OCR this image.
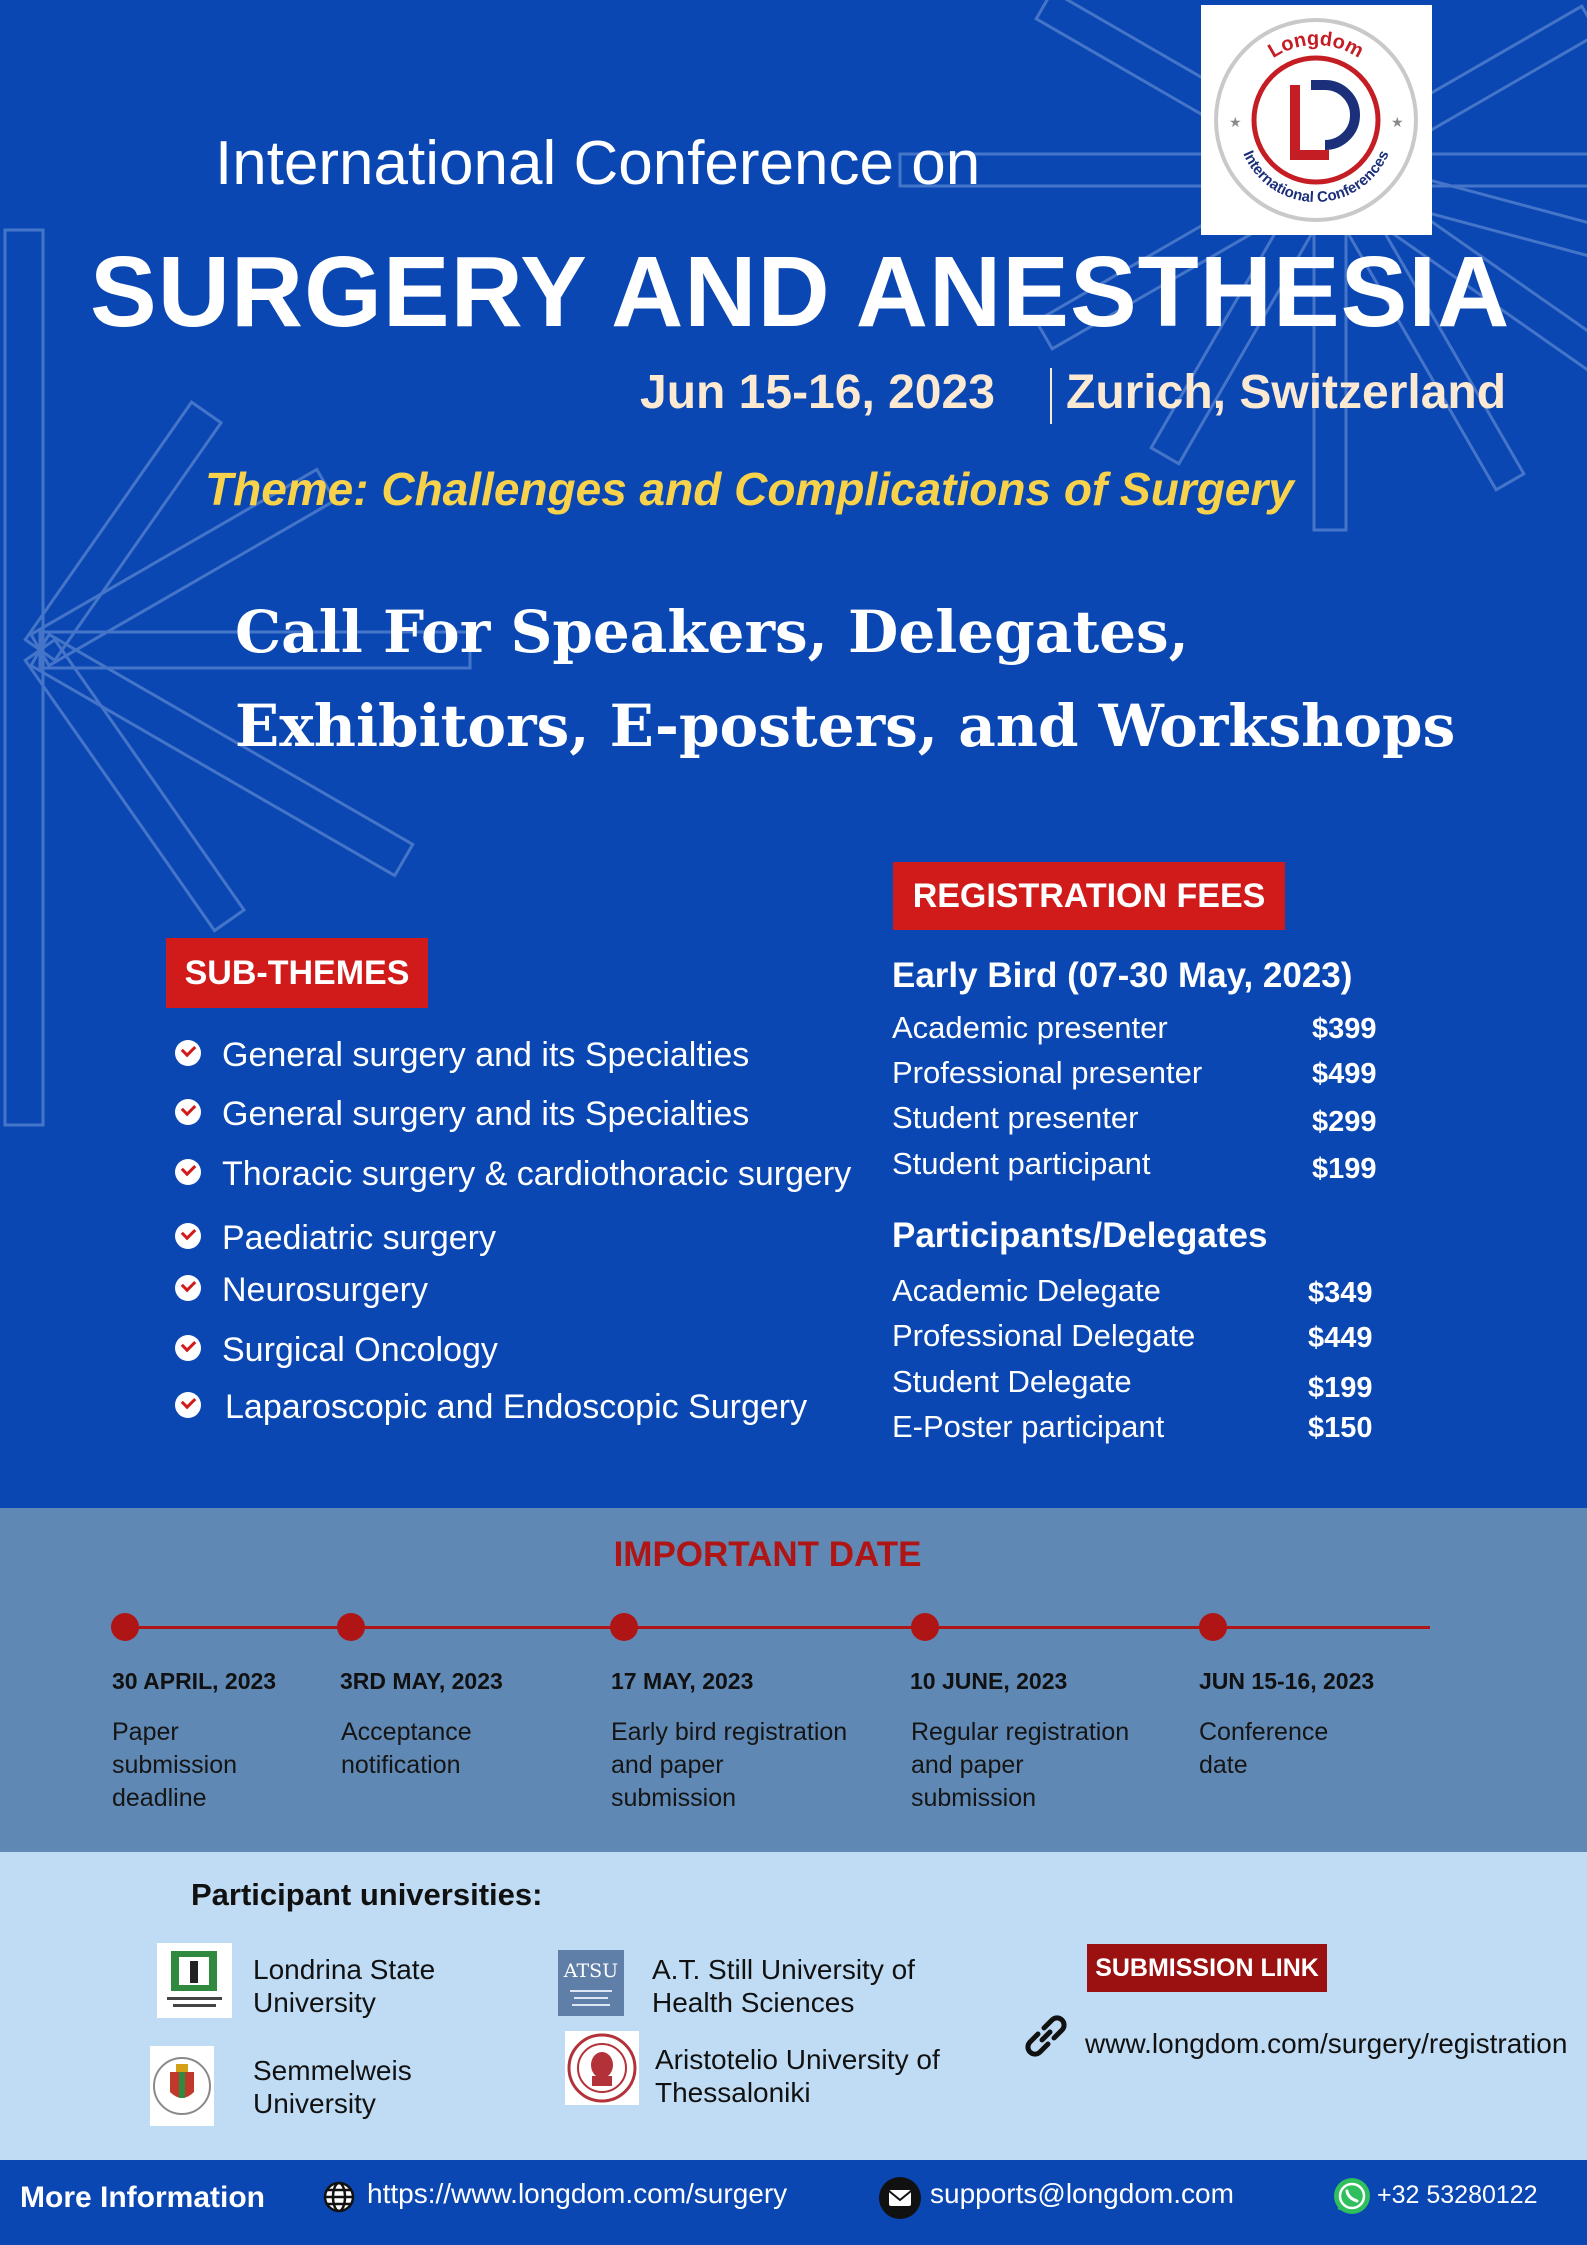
Longdom
International Conferences
★	★
International Conference on
SURGERY AND ANESTHESIA
Jun 15-16, 2023 Zurich, Switzerland
Theme: Challenges and Complications of Surgery
Call For Speakers, Delegates, Exhibitors, E-posters, and Workshops
SUB-THEMES
General surgery and its Specialties
General surgery and its Specialties
Thoracic surgery & cardiothoracic surgery
Paediatric surgery
Neurosurgery
Surgical Oncology
Laparoscopic and Endoscopic Surgery
REGISTRATION FEES
Early Bird (07-30 May, 2023)
Academic presenter	$399
Professional presenter	$499
Student presenter	$299
Student participant	$199
Participants/Delegates
Academic Delegate	$349
Professional Delegate	$449
Student Delegate	$199
E-Poster participant	$150
IMPORTANT DATE
30 APRIL, 2023
Paper submission deadline
3RD MAY, 2023
Acceptance notification
17 MAY, 2023
Early bird registration and paper submission
10 JUNE, 2023
Regular registration and paper submission
JUN 15-16, 2023
Conference date
Participant universities:
Londrina State University
ATSU A.T. Still University of Health Sciences
Semmelweis University
Aristotelio University of Thessaloniki
SUBMISSION LINK
www.longdom.com/surgery/registration
More Information	https://www.longdom.com/surgery	supports@longdom.com	+32 53280122
